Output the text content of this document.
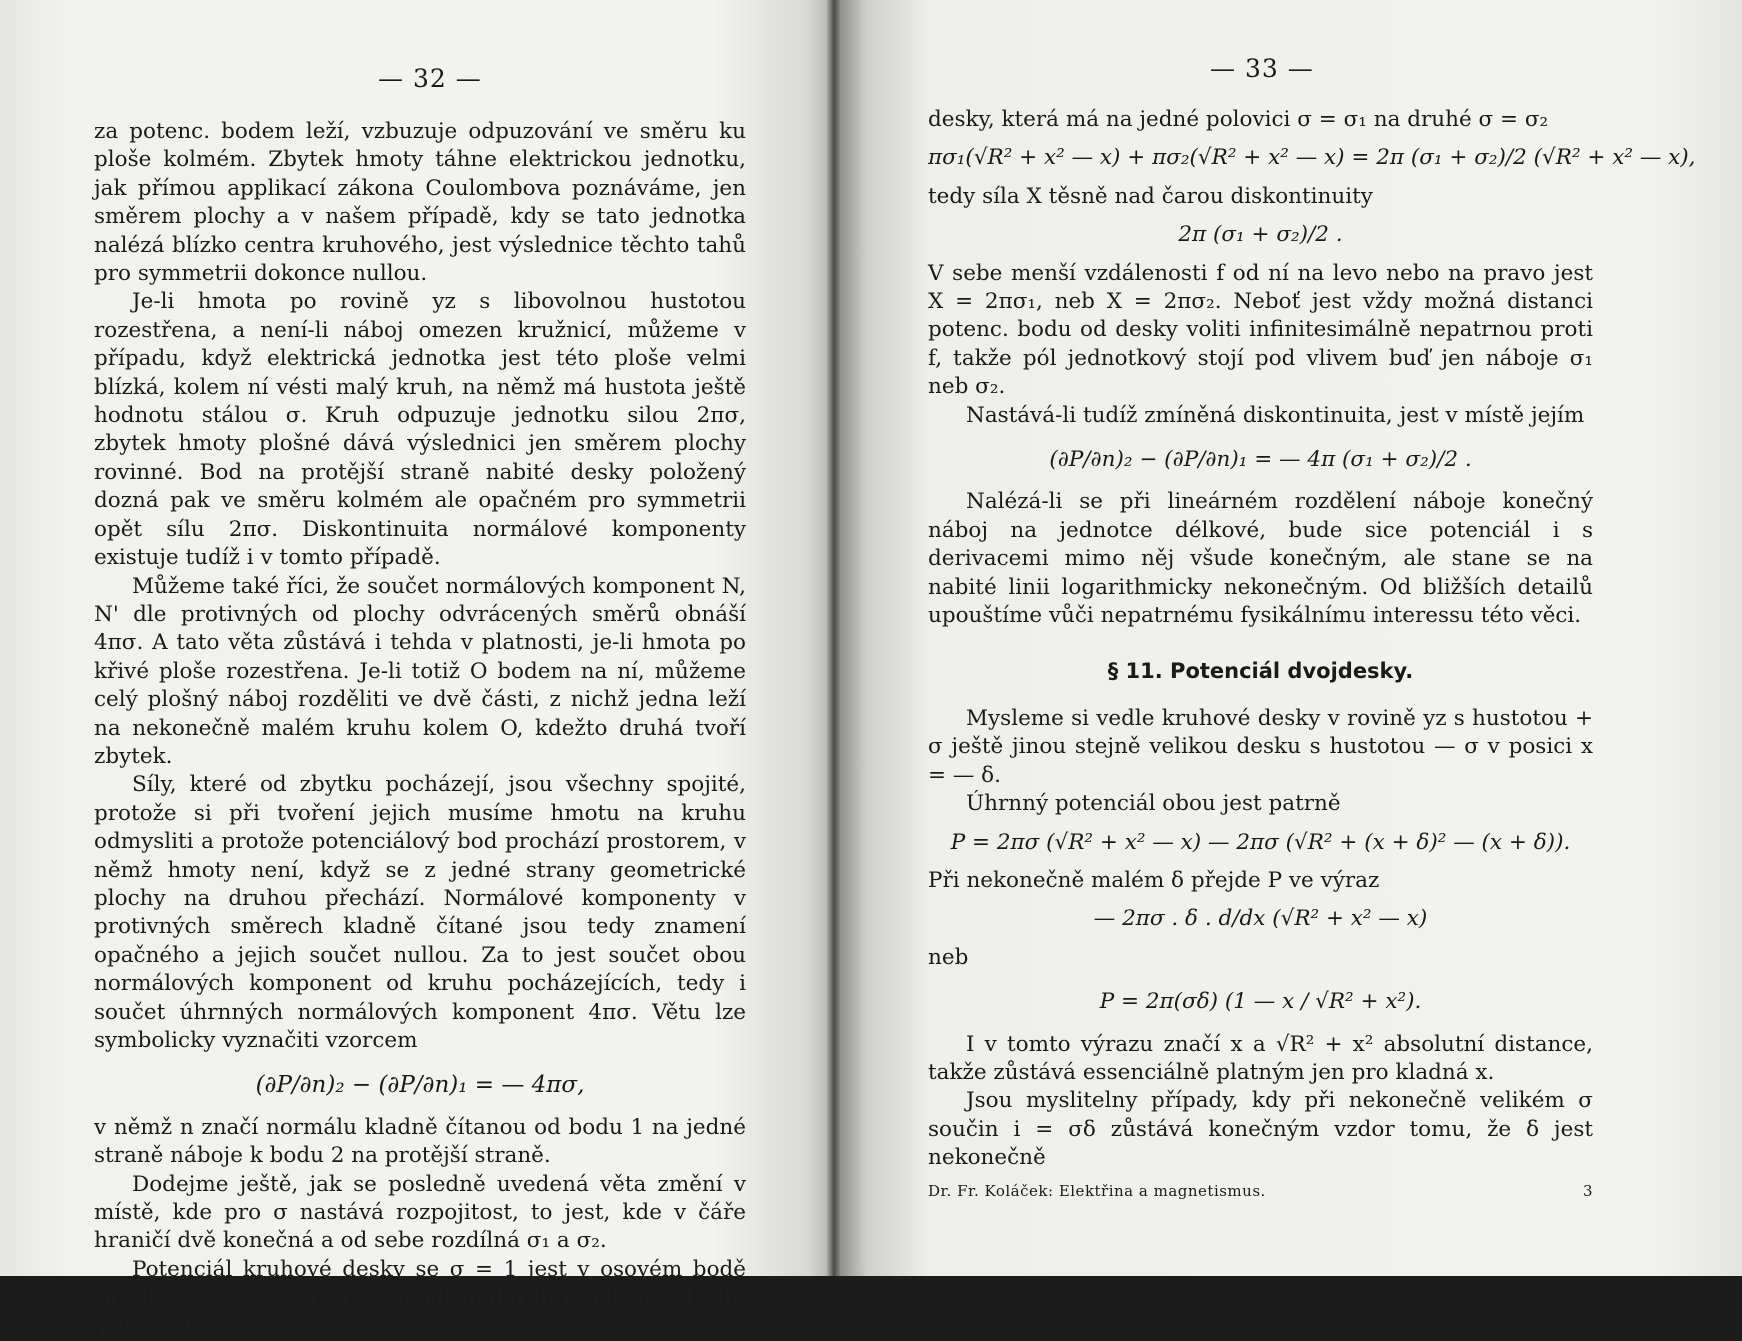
— 32 —

za potenc. bodem leží, vzbuzuje odpuzování ve směru ku ploše kolmém. Zbytek hmoty táhne elektrickou jednotku, jak přímou applikací zákona Coulombova poznáváme, jen směrem plochy a v našem případě, kdy se tato jednotka nalézá blízko centra kruhového, jest výslednice těchto tahů pro symmetrii dokonce nullou.

Je-li hmota po rovině yz s libovolnou hustotou rozestřena, a není-li náboj omezen kružnicí, můžeme v případu, když elektrická jednotka jest této ploše velmi blízká, kolem ní vésti malý kruh, na němž má hustota ještě hodnotu stálou σ. Kruh odpuzuje jednotku silou 2πσ, zbytek hmoty plošné dává výslednici jen směrem plochy rovinné. Bod na protější straně nabité desky položený dozná pak ve směru kolmém ale opačném pro symmetrii opět sílu 2πσ. Diskontinuita normálové komponenty existuje tudíž i v tomto případě.

Můžeme také říci, že součet normálových komponent N, N' dle protivných od plochy odvrácených směrů obnáší 4πσ. A tato věta zůstává i tehda v platnosti, je-li hmota po křivé ploše rozestřena. Je-li totiž O bodem na ní, můžeme celý plošný náboj rozděliti ve dvě části, z nichž jedna leží na nekonečně malém kruhu kolem O, kdežto druhá tvoří zbytek.

Síly, které od zbytku pocházejí, jsou všechny spojité, protože si při tvoření jejich musíme hmotu na kruhu odmysliti a protože potenciálový bod prochází prostorem, v němž hmoty není, když se z jedné strany geometrické plochy na druhou přechází. Normálové komponenty v protivných směrech kladně čítané jsou tedy znamení opačného a jejich součet nullou. Za to jest součet obou normálových komponent od kruhu pocházejících, tedy i součet úhrnných normálových komponent 4πσ. Větu lze symbolicky vyznačiti vzorcem

(∂P/∂n)₂ − (∂P/∂n)₁ = — 4πσ,

v němž n značí normálu kladně čítanou od bodu 1 na jedné straně náboje k bodu 2 na protější straně.

Dodejme ještě, jak se posledně uvedená věta změní v místě, kde pro σ nastává rozpojitost, to jest, kde v čáře hraničí dvě konečná a od sebe rozdílná σ₁ a σ₂.

Potenciál kruhové desky se σ = 1 jest v osovém bodě 2π(√R² + x² — x), potenciál půlkruhu polovicí, tudíž potenciál

— 33 —

desky, která má na jedné polovici σ = σ₁ na druhé σ = σ₂

πσ₁(√R² + x² — x) + πσ₂(√R² + x² — x) = 2π (σ₁ + σ₂)/2 (√R² + x² — x),

tedy síla X těsně nad čarou diskontinuity

2π (σ₁ + σ₂)/2 .

V sebe menší vzdálenosti f od ní na levo nebo na pravo jest X = 2πσ₁, neb X = 2πσ₂. Neboť jest vždy možná distanci potenc. bodu od desky voliti infinitesimálně nepatrnou proti f, takže pól jednotkový stojí pod vlivem buď jen náboje σ₁ neb σ₂.

Nastává-li tudíž zmíněná diskontinuita, jest v místě jejím

(∂P/∂n)₂ − (∂P/∂n)₁ = — 4π (σ₁ + σ₂)/2 .

Nalézá-li se při lineárném rozdělení náboje konečný náboj na jednotce délkové, bude sice potenciál i s derivacemi mimo něj všude konečným, ale stane se na nabité linii logarithmicky nekonečným. Od bližších detailů upouštíme vůči nepatrnému fysikálnímu interessu této věci.

§ 11. Potenciál dvojdesky.

Mysleme si vedle kruhové desky v rovině yz s hustotou + σ ještě jinou stejně velikou desku s hustotou — σ v posici x = — δ.

Úhrnný potenciál obou jest patrně

P = 2πσ (√R² + x² — x) — 2πσ (√R² + (x + δ)² — (x + δ)).

Při nekonečně malém δ přejde P ve výraz

— 2πσ . δ . d/dx (√R² + x² — x)

neb

P = 2π(σδ) (1 — x / √R² + x²).

I v tomto výrazu značí x a √R² + x² absolutní distance, takže zůstává essenciálně platným jen pro kladná x.

Jsou myslitelny případy, kdy při nekonečně velikém σ součin i = σδ zůstává konečným vzdor tomu, že δ jest nekonečně

Dr. Fr. Koláček: Elektřina a magnetismus.	3
